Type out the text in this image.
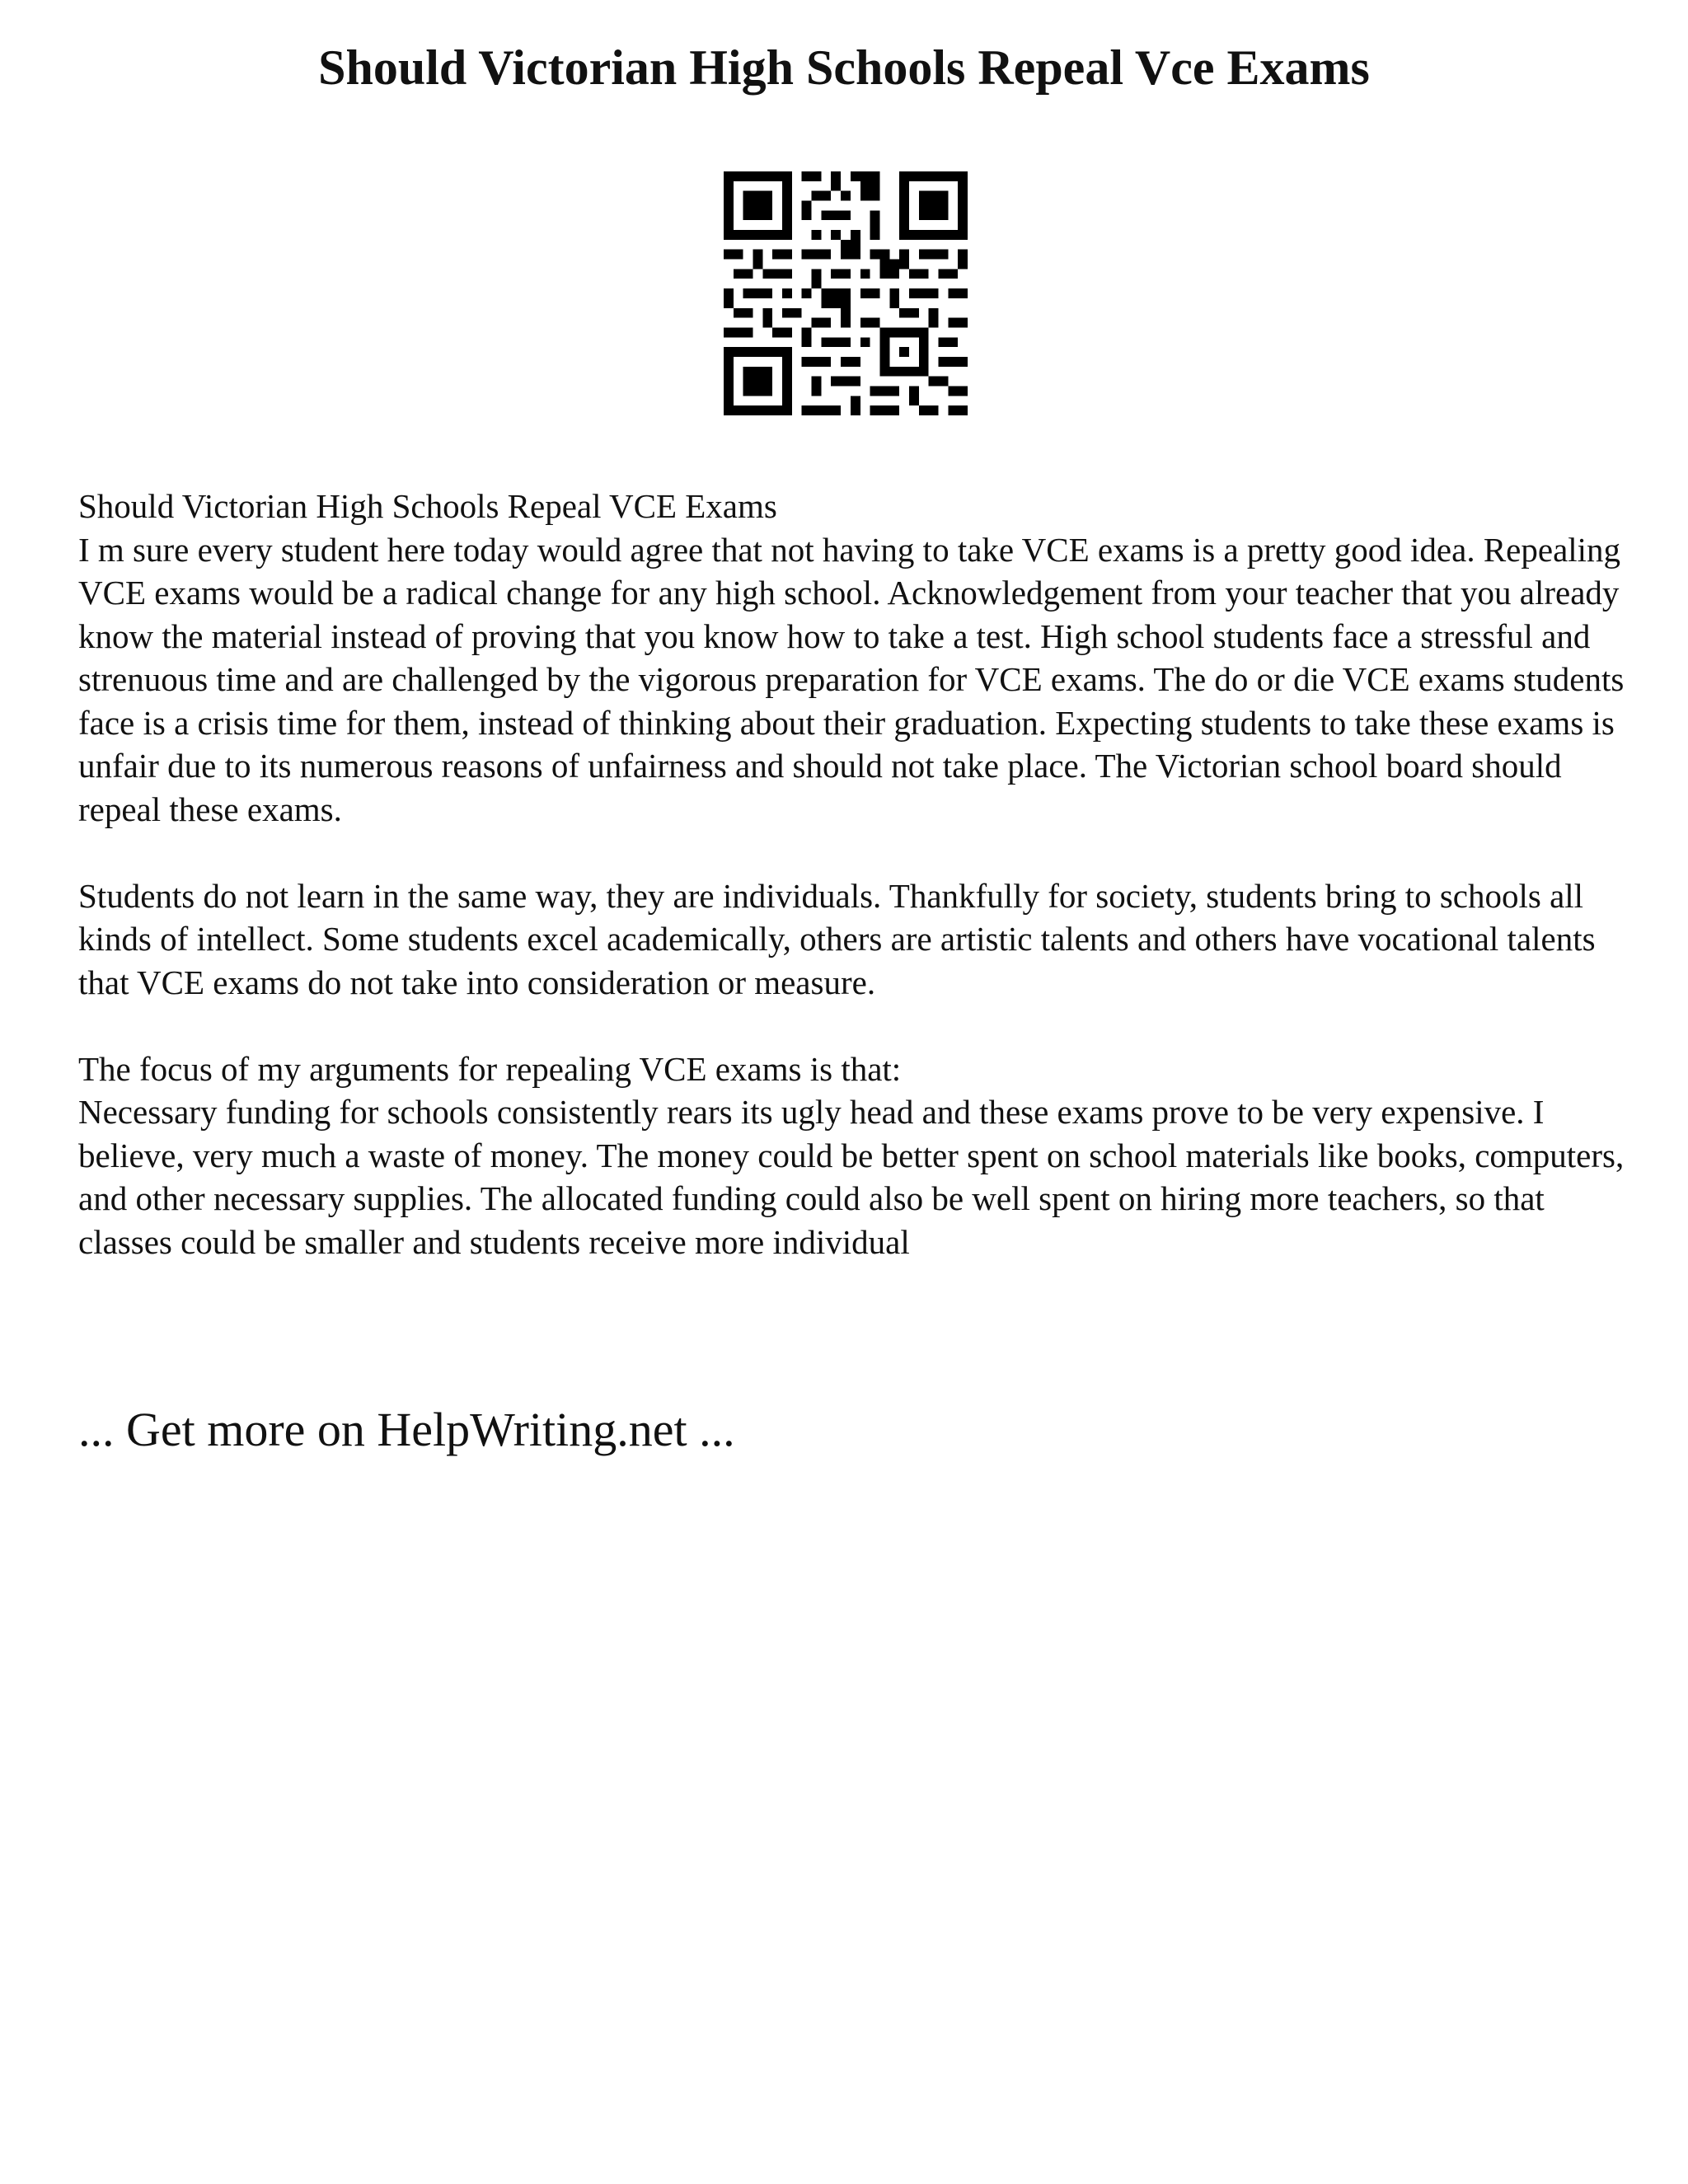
Should Victorian High Schools Repeal Vce Exams

Should Victorian High Schools Repeal VCE Exams

I m sure every student here today would agree that not having to take VCE exams is a pretty good idea. Repealing VCE exams would be a radical change for any high school. Acknowledgement from your teacher that you already know the material instead of proving that you know how to take a test. High school students face a stressful and strenuous time and are challenged by the vigorous preparation for VCE exams. The do or die VCE exams students face is a crisis time for them, instead of thinking about their graduation. Expecting students to take these exams is unfair due to its numerous reasons of unfairness and should not take place. The Victorian school board should repeal these exams.

Students do not learn in the same way, they are individuals. Thankfully for society, students bring to schools all kinds of intellect. Some students excel academically, others are artistic talents and others have vocational talents that VCE exams do not take into consideration or measure.

The focus of my arguments for repealing VCE exams is that:

Necessary funding for schools consistently rears its ugly head and these exams prove to be very expensive. I believe, very much a waste of money. The money could be better spent on school materials like books, computers, and other necessary supplies. The allocated funding could also be well spent on hiring more teachers, so that classes could be smaller and students receive more individual

... Get more on HelpWriting.net ...
